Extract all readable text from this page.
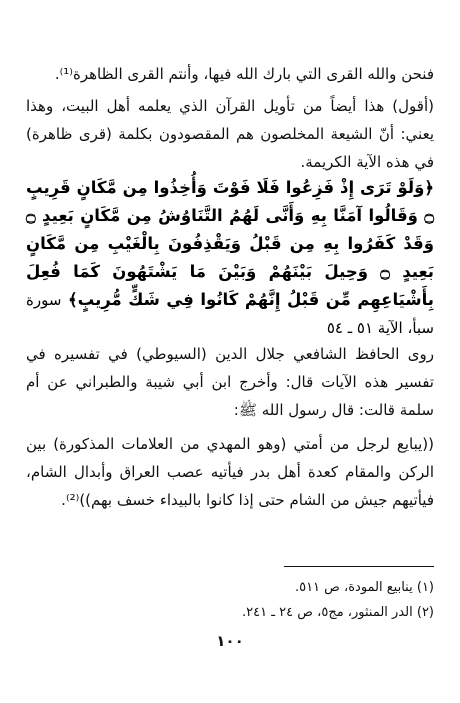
فنحن والله القرى التي بارك الله فيها، وأنتم القرى الظاهرة⁽¹⁾.

(أقول) هذا أيضاً من تأويل القرآن الذي يعلمه أهل البيت، وهذا يعني: أنّ الشيعة المخلصون هم المقصودون بكلمة (قرى ظاهرة) في هذه الآية الكريمة.

﴿وَلَوْ تَرَى إِذْ فَزِعُوا فَلَا فَوْتَ وَأُخِذُوا مِن مَّكَانٍ قَرِيبٍ ۝ وَقَالُوا آمَنَّا بِهِ وَأَنَّى لَهُمُ التَّنَاوُشُ مِن مَّكَانٍ بَعِيدٍ ۝ وَقَدْ كَفَرُوا بِهِ مِن قَبْلُ وَيَقْذِفُونَ بِالْغَيْبِ مِن مَّكَانٍ بَعِيدٍ ۝ وَحِيلَ بَيْنَهُمْ وَبَيْنَ مَا يَشْتَهُونَ كَمَا فُعِلَ بِأَشْيَاعِهِم مِّن قَبْلُ إِنَّهُمْ كَانُوا فِي شَكٍّ مُّرِيبٍ﴾ سورة سبأ، الآية ٥١ ـ ٥٤

روى الحافظ الشافعي جلال الدين (السيوطي) في تفسيره في تفسير هذه الآيات قال: وأخرج ابن أبي شيبة والطبراني عن أم سلمة قالت: قال رسول الله ﷺ:

((يبايع لرجل من أمتي (وهو المهدي من العلامات المذكورة) بين الركن والمقام كعدة أهل بدر فيأتيه عصب العراق وأبدال الشام، فيأتيهم جيش من الشام حتى إذا كانوا بالبيداء خسف بهم))⁽²⁾.

(١) ينابيع المودة، ص ٥١١.

(٢) الدر المنثور، مج٥، ص ٢٤ ـ ٢٤١.

١٠٠
